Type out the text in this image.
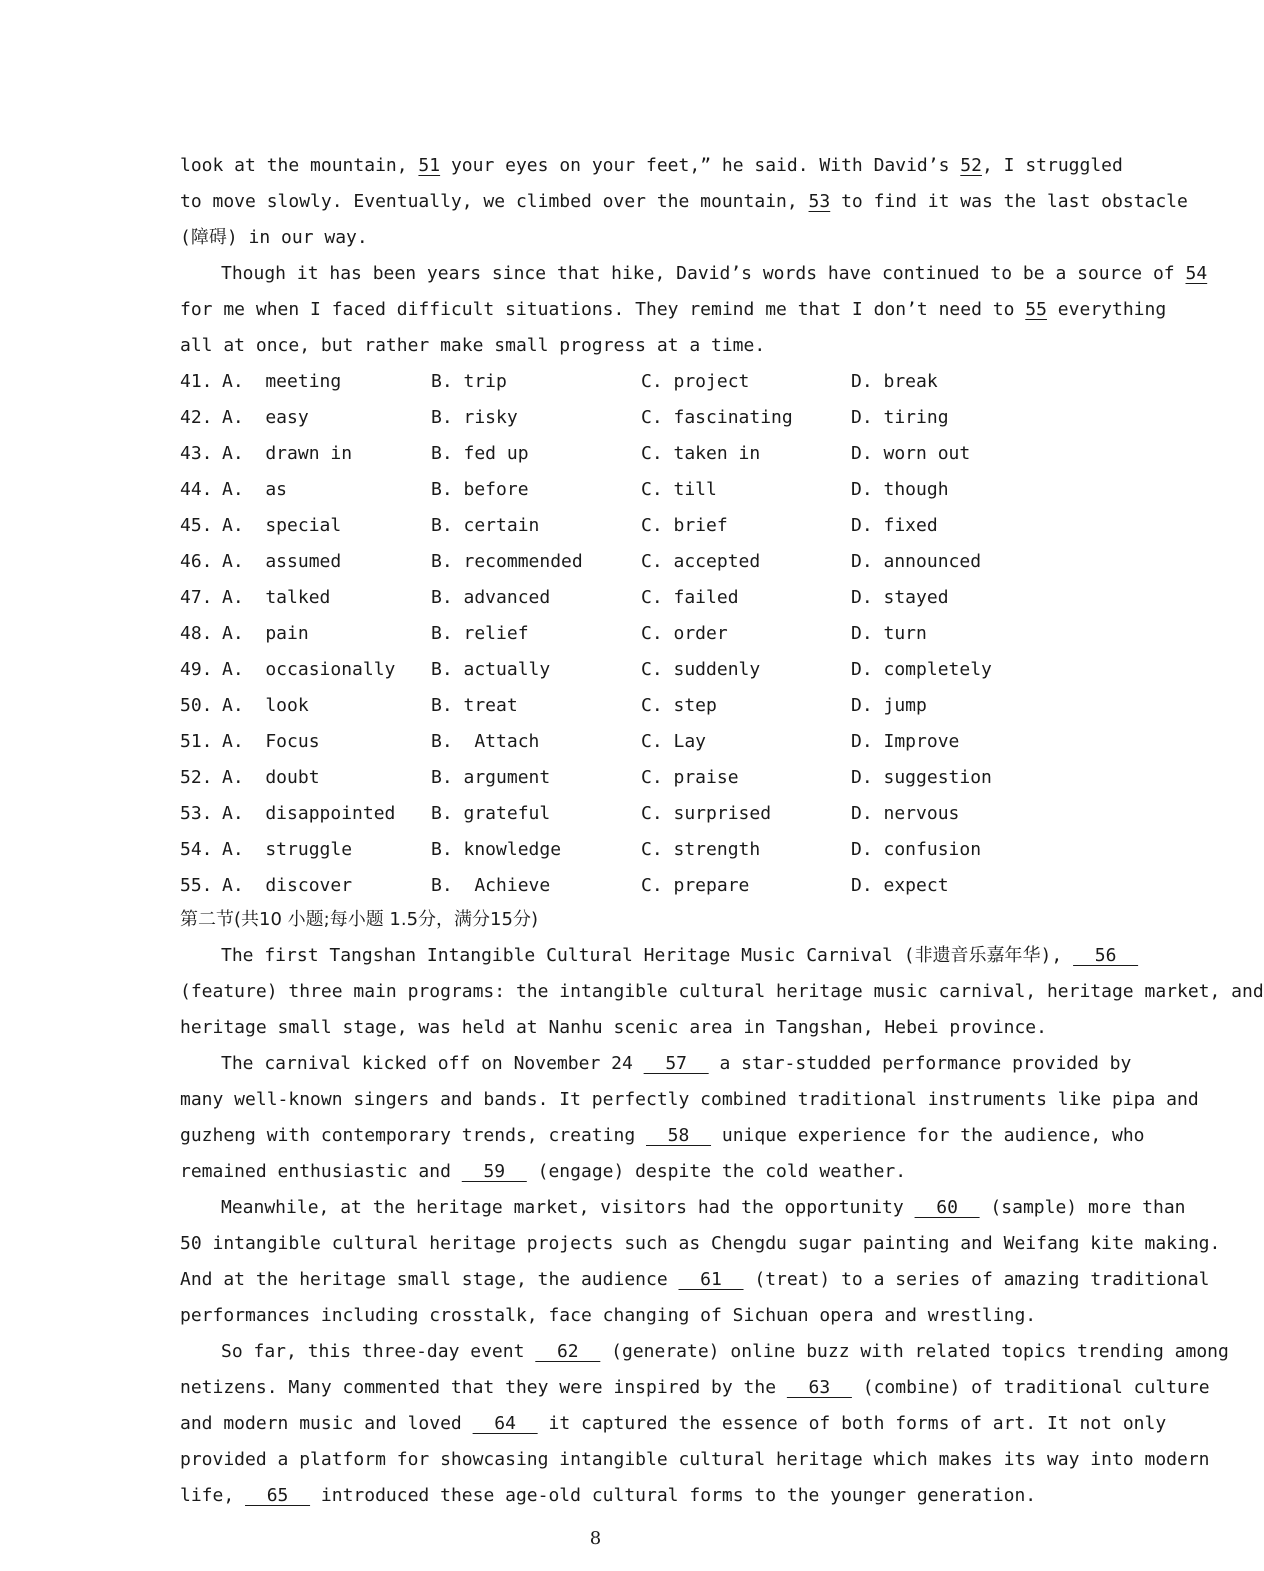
look at the mountain, 51 your eyes on your feet,” he said. With David’s 52, I struggled
to move slowly. Eventually, we climbed over the mountain, 53 to find it was the last obstacle
(障碍) in our way.
Though it has been years since that hike, David’s words have continued to be a source of 54
for me when I faced difficult situations. They remind me that I don’t need to 55 everything
all at once, but rather make small progress at a time.
41. A.  meeting	B. trip	C. project	D. break
42. A.  easy	B. risky	C. fascinating	D. tiring
43. A.  drawn in	B. fed up	C. taken in	D. worn out
44. A.  as	B. before	C. till	D. though
45. A.  special	B. certain	C. brief	D. fixed
46. A.  assumed	B. recommended	C. accepted	D. announced
47. A.  talked	B. advanced	C. failed	D. stayed
48. A.  pain	B. relief	C. order	D. turn
49. A.  occasionally B. actually	C. suddenly	D. completely
50. A.  look	B. treat	C. step	D. jump
51. A.  Focus	B.  Attach	C. Lay	D. Improve
52. A.  doubt	B. argument	C. praise	D. suggestion
53. A.  disappointed B. grateful	C. surprised	D. nervous
54. A.  struggle	B. knowledge	C. strength	D. confusion
55. A.  discover	B.  Achieve	C. prepare	D. expect
第二节(共10 小题;每小题 1.5分，满分15分)
The first Tangshan Intangible Cultural Heritage Music Carnival (非遗音乐嘉年华),   56
(feature) three main programs: the intangible cultural heritage music carnival, heritage market, and
heritage small stage, was held at Nanhu scenic area in Tangshan, Hebei province.
The carnival kicked off on November 24   57   a star-studded performance provided by
many well-known singers and bands. It perfectly combined traditional instruments like pipa and
guzheng with contemporary trends, creating   58   unique experience for the audience, who
remained enthusiastic and   59   (engage) despite the cold weather.
Meanwhile, at the heritage market, visitors had the opportunity   60   (sample) more than
50 intangible cultural heritage projects such as Chengdu sugar painting and Weifang kite making.
And at the heritage small stage, the audience   61   (treat) to a series of amazing traditional
performances including crosstalk, face changing of Sichuan opera and wrestling.
So far, this three-day event   62   (generate) online buzz with related topics trending among
netizens. Many commented that they were inspired by the   63   (combine) of traditional culture
and modern music and loved   64   it captured the essence of both forms of art. It not only
provided a platform for showcasing intangible cultural heritage which makes its way into modern
life,   65   introduced these age-old cultural forms to the younger generation.
8
